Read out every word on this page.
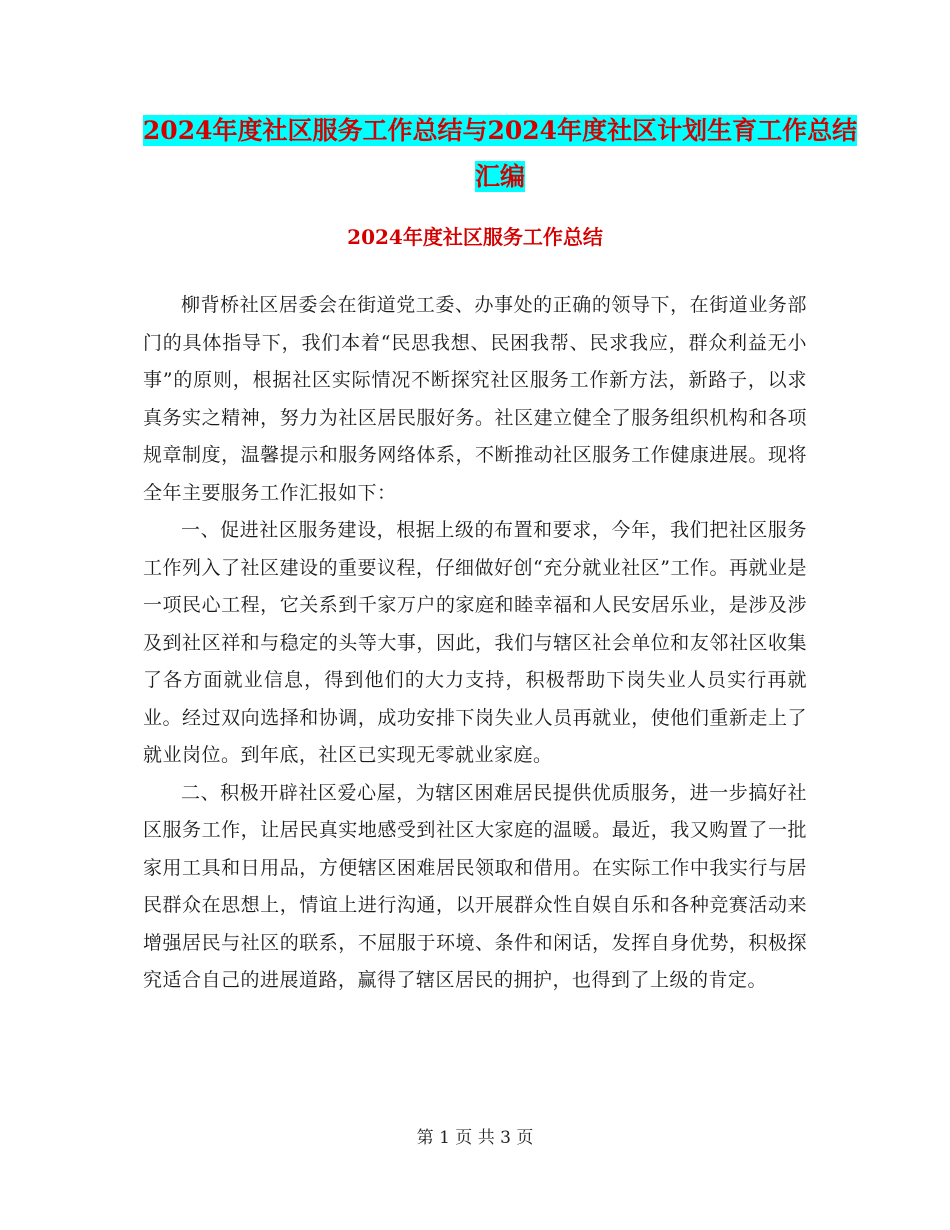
2024年度社区服务工作总结与2024年度社区计划生育工作总结汇编
2024年度社区服务工作总结

柳背桥社区居委会在街道党工委、办事处的正确的领导下，在街道业务部门的具体指导下，我们本着“民思我想、民困我帮、民求我应，群众利益无小事”的原则，根据社区实际情况不断探究社区服务工作新方法，新路子，以求真务实之精神，努力为社区居民服好务。社区建立健全了服务组织机构和各项规章制度，温馨提示和服务网络体系，不断推动社区服务工作健康进展。现将全年主要服务工作汇报如下：

一、促进社区服务建设，根据上级的布置和要求，今年，我们把社区服务工作列入了社区建设的重要议程，仔细做好创“充分就业社区”工作。再就业是一项民心工程，它关系到千家万户的家庭和睦幸福和人民安居乐业，是涉及涉及到社区祥和与稳定的头等大事，因此，我们与辖区社会单位和友邻社区收集了各方面就业信息，得到他们的大力支持，积极帮助下岗失业人员实行再就业。经过双向选择和协调，成功安排下岗失业人员再就业，使他们重新走上了就业岗位。到年底，社区已实现无零就业家庭。

二、积极开辟社区爱心屋，为辖区困难居民提供优质服务，进一步搞好社区服务工作，让居民真实地感受到社区大家庭的温暖。最近，我又购置了一批家用工具和日用品，方便辖区困难居民领取和借用。在实际工作中我实行与居民群众在思想上，情谊上进行沟通，以开展群众性自娱自乐和各种竞赛活动来增强居民与社区的联系，不屈服于环境、条件和闲话，发挥自身优势，积极探究适合自己的进展道路，赢得了辖区居民的拥护，也得到了上级的肯定。

第 1 页 共 3 页
